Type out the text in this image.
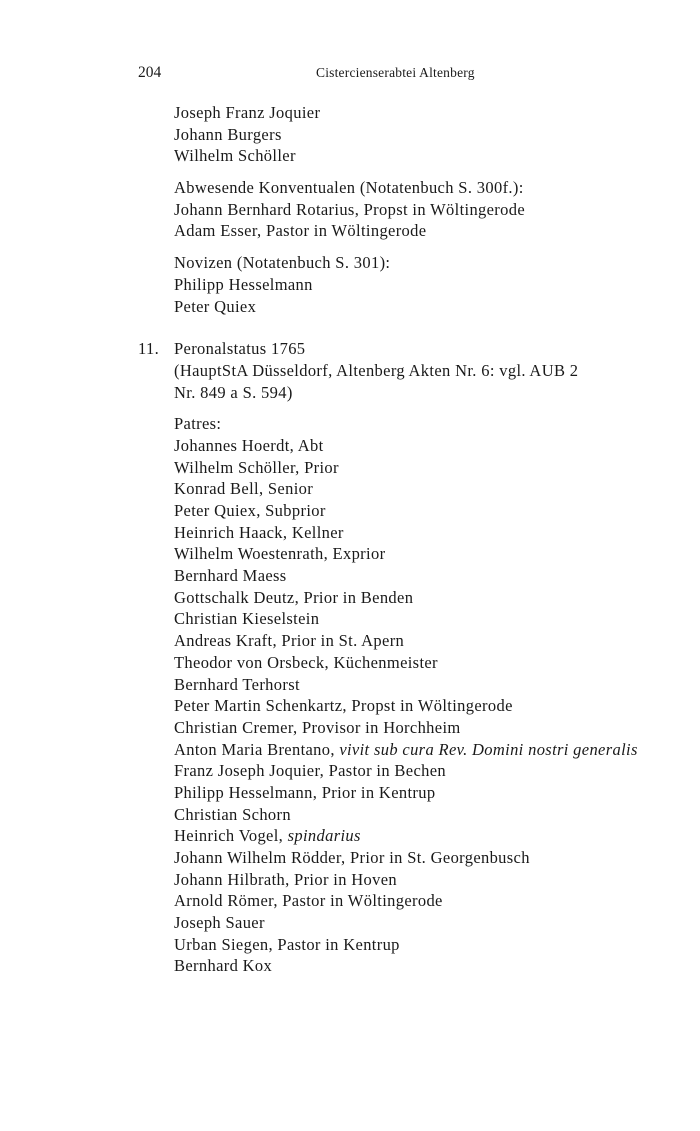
204	Cistercienserabtei Altenberg
Joseph Franz Joquier
Johann Burgers
Wilhelm Schöller
Abwesende Konventualen (Notatenbuch S. 300f.):
Johann Bernhard Rotarius, Propst in Wöltingerode
Adam Esser, Pastor in Wöltingerode
Novizen (Notatenbuch S. 301):
Philipp Hesselmann
Peter Quiex
11. Peronalstatus 1765
(HauptStA Düsseldorf, Altenberg Akten Nr. 6: vgl. AUB 2
Nr. 849 a S. 594)
Patres:
Johannes Hoerdt, Abt
Wilhelm Schöller, Prior
Konrad Bell, Senior
Peter Quiex, Subprior
Heinrich Haack, Kellner
Wilhelm Woestenrath, Exprior
Bernhard Maess
Gottschalk Deutz, Prior in Benden
Christian Kieselstein
Andreas Kraft, Prior in St. Apern
Theodor von Orsbeck, Küchenmeister
Bernhard Terhorst
Peter Martin Schenkartz, Propst in Wöltingerode
Christian Cremer, Provisor in Horchheim
Anton Maria Brentano, vivit sub cura Rev. Domini nostri generalis
Franz Joseph Joquier, Pastor in Bechen
Philipp Hesselmann, Prior in Kentrup
Christian Schorn
Heinrich Vogel, spindarius
Johann Wilhelm Rödder, Prior in St. Georgenbusch
Johann Hilbrath, Prior in Hoven
Arnold Römer, Pastor in Wöltingerode
Joseph Sauer
Urban Siegen, Pastor in Kentrup
Bernhard Kox
